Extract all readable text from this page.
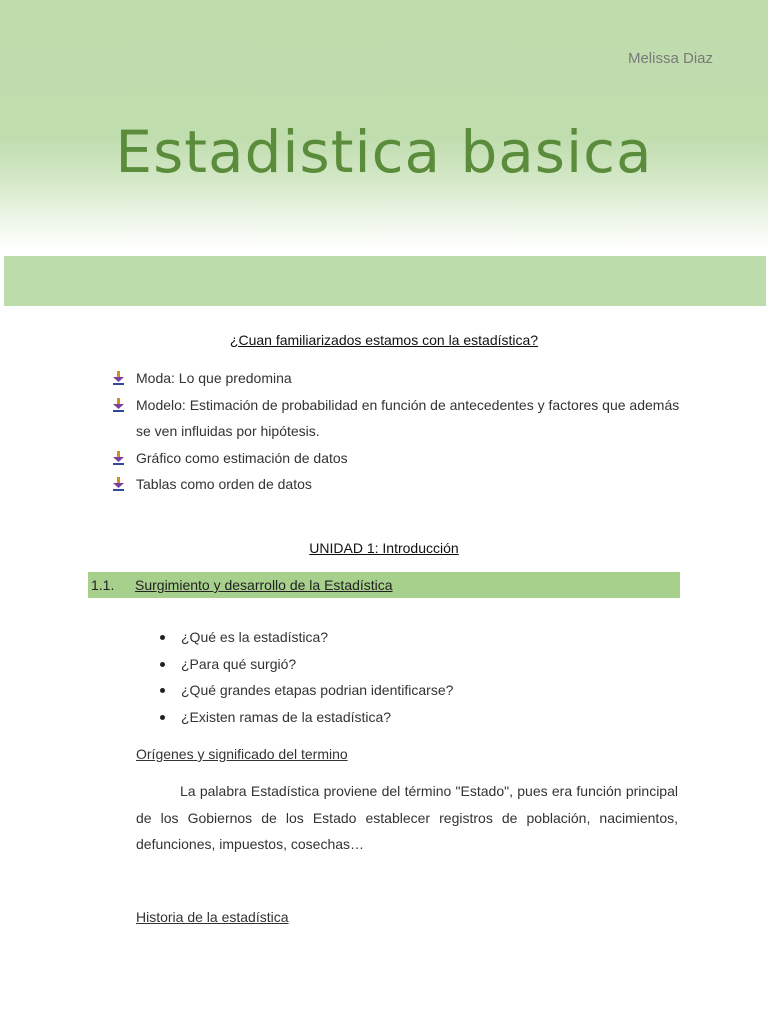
Melissa Diaz
Estadistica basica
¿Cuan familiarizados estamos con la estadística?
Moda: Lo que predomina
Modelo: Estimación de probabilidad en función de antecedentes y factores que además se ven influidas por hipótesis.
Gráfico como estimación de datos
Tablas como orden de datos
UNIDAD 1: Introducción
1.1. Surgimiento y desarrollo de la Estadística
¿Qué es la estadística?
¿Para qué surgió?
¿Qué grandes etapas podrian identificarse?
¿Existen ramas de la estadística?
Orígenes y significado del termino

La palabra Estadística proviene del término "Estado", pues era función principal de los Gobiernos de los Estado establecer registros de población, nacimientos, defunciones, impuestos, cosechas…

Historia de la estadística
